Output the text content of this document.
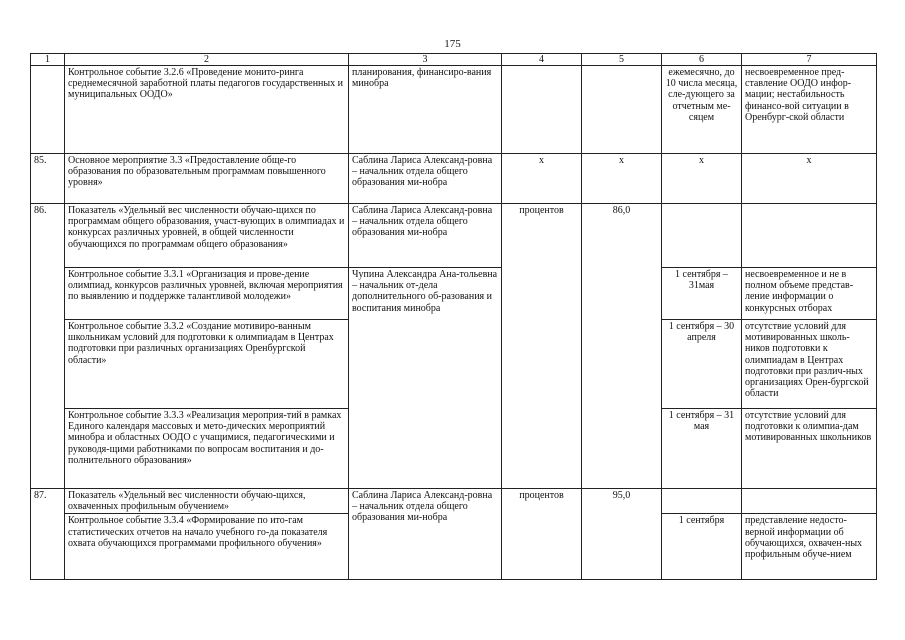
175
1	2	3	4	5	6	7
	Контрольное событие 3.2.6 «Проведение монито-ринга среднемесячной заработной платы педагогов государственных и муниципальных ООДО»	планирования, финансиро-вания минобра			ежемесячно, до 10 числа месяца, сле-дующего за отчетным ме-сяцем	несвоевременное пред-ставление ООДО инфор-мации; нестабильность финансо-вой ситуации в Оренбург-ской области
85.	Основное мероприятие 3.3 «Предоставление обще-го образования по образовательным программам повышенного уровня»	Саблина Лариса Александ-ровна – начальник отдела общего образования ми-нобра	х	х	х	х
86.	Показатель «Удельный вес численности обучаю-щихся по программам общего образования, участ-вующих в олимпиадах и конкурсах различных уровней, в общей численности обучающихся по программам общего образования»	Саблина Лариса Александ-ровна – начальник отдела общего образования ми-нобра	процентов	86,0		
	Контрольное событие 3.3.1 «Организация и прове-дение олимпиад, конкурсов различных уровней, включая мероприятия по выявлению и поддержке талантливой молодежи»	Чупина Александра Ана-тольевна – начальник от-дела дополнительного об-разования и воспитания минобра			1 сентября – 31мая	несвоевременное и не в полном объеме представ-ление информации о конкурсных отборах
	Контрольное событие 3.3.2 «Создание мотивиро-ванным школьникам условий для подготовки к олимпиадам в Центрах подготовки при различных организациях Оренбургской области»				1 сентября – 30 апреля	отсутствие условий для мотивированных школь-ников подготовки к олимпиадам в Центрах подготовки при различ-ных организациях Орен-бургской области
	Контрольное событие 3.3.3 «Реализация мероприя-тий в рамках Единого календаря массовых и мето-дических мероприятий минобра и областных ООДО с учащимися, педагогическими и руководя-щими работниками по вопросам воспитания и до-полнительного образования»				1 сентября – 31 мая	отсутствие условий для подготовки к олимпиа-дам мотивированных школьников
87.	Показатель «Удельный вес численности обучаю-щихся, охваченных профильным обучением»	Саблина Лариса Александ-ровна – начальник отдела общего образования ми-нобра	процентов	95,0		
	Контрольное событие 3.3.4 «Формирование по ито-гам статистических отчетов на начало учебного го-да показателя охвата обучающихся программами профильного обучения»				1 сентября	представление недосто-верной информации об обучающихся, охвачен-ных профильным обуче-нием
